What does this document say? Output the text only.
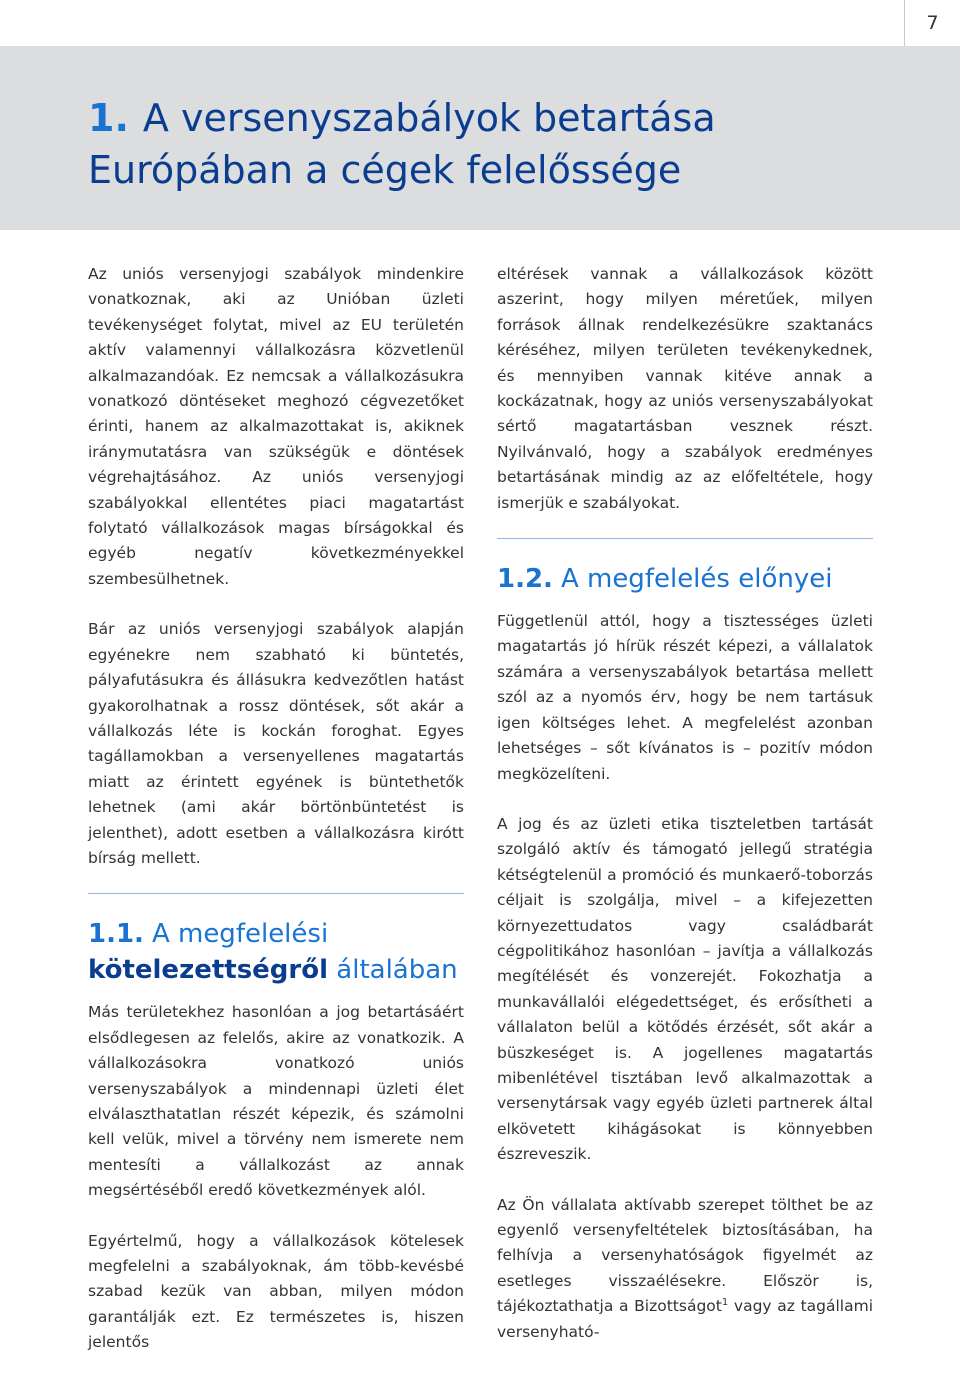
7
1. A versenyszabályok betartása
Európában a cégek felelőssége

Az uniós versenyjogi szabályok mindenkire vonatkoznak, aki az Unióban üzleti tevékenységet folytat, mivel az EU területén aktív valamennyi vállalkozásra közvetlenül alkalmazandóak. Ez nemcsak a vállalkozásukra vonatkozó döntéseket meghozó cégvezetőket érinti, hanem az alkalmazottakat is, akiknek iránymutatásra van szükségük e döntések végrehajtásához. Az uniós versenyjogi szabályokkal ellentétes piaci magatartást folytató vállalkozások magas bírságokkal és egyéb negatív következményekkel szembesülhetnek.

Bár az uniós versenyjogi szabályok alapján egyénekre nem szabható ki büntetés, pályafutásukra és állásukra kedvezőtlen hatást gyakorolhatnak a rossz döntések, sőt akár a vállalkozás léte is kockán foroghat. Egyes tagállamokban a versenyellenes magatartás miatt az érintett egyének is büntethetők lehetnek (ami akár börtönbüntetést is jelenthet), adott esetben a vállalkozásra kirótt bírság mellett.

1.1. A megfelelési
kötelezettségről általában

Más területekhez hasonlóan a jog betartásáért elsődlegesen az felelős, akire az vonatkozik. A vállalkozásokra vonatkozó uniós versenyszabályok a mindennapi üzleti élet elválaszthatatlan részét képezik, és számolni kell velük, mivel a törvény nem ismerete nem mentesíti a vállalkozást az annak megsértéséből eredő következmények alól.

Egyértelmű, hogy a vállalkozások kötelesek megfelelni a szabályoknak, ám több-kevésbé szabad kezük van abban, milyen módon garantálják ezt. Ez természetes is, hiszen jelentős

eltérések vannak a vállalkozások között aszerint, hogy milyen méretűek, milyen források állnak rendelkezésükre szaktanács kéréséhez, milyen területen tevékenykednek, és mennyiben vannak kitéve annak a kockázatnak, hogy az uniós versenyszabályokat sértő magatartásban vesznek részt. Nyilvánvaló, hogy a szabályok eredményes betartásának mindig az az előfeltétele, hogy ismerjük e szabályokat.

1.2. A megfelelés előnyei

Függetlenül attól, hogy a tisztességes üzleti magatartás jó hírük részét képezi, a vállalatok számára a versenyszabályok betartása mellett szól az a nyomós érv, hogy be nem tartásuk igen költséges lehet. A megfelelést azonban lehetséges – sőt kívánatos is – pozitív módon megközelíteni.

A jog és az üzleti etika tiszteletben tartását szolgáló aktív és támogató jellegű stratégia kétségtelenül a promóció és munkaerő-toborzás céljait is szolgálja, mivel – a kifejezetten környezettudatos vagy családbarát cégpolitikához hasonlóan – javítja a vállalkozás megítélését és vonzerejét. Fokozhatja a munkavállalói elégedettséget, és erősítheti a vállalaton belül a kötődés érzését, sőt akár a büszkeséget is. A jogellenes magatartás mibenlétével tisztában levő alkalmazottak a versenytársak vagy egyéb üzleti partnerek által elkövetett kihágásokat is könnyebben észreveszik.

Az Ön vállalata aktívabb szerepet tölthet be az egyenlő versenyfeltételek biztosításában, ha felhívja a versenyhatóságok figyelmét az esetleges visszaélésekre. Először is, tájékoztathatja a Bizottságot$^1$ vagy az tagállami versenyható-
